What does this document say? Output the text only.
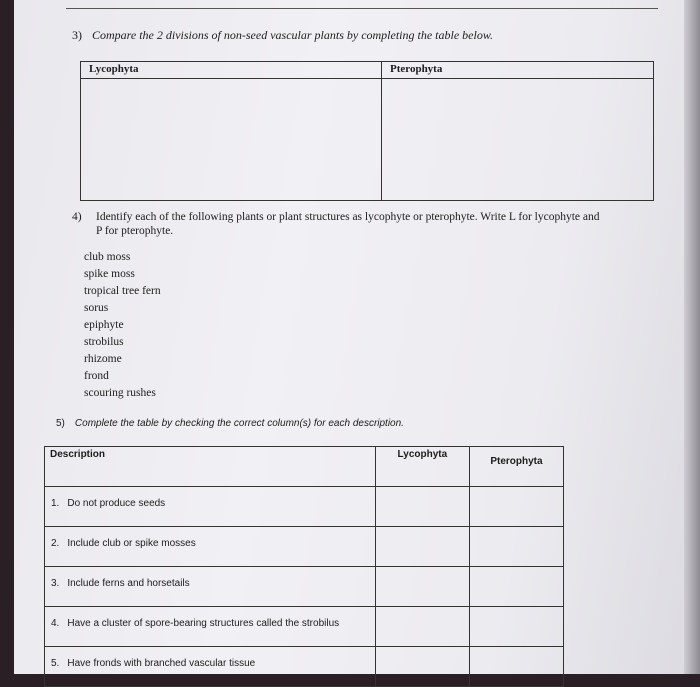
3) Compare the 2 divisions of non-seed vascular plants by completing the table below.
Lycophyta	Pterophyta

4) Identify each of the following plants or plant structures as lycophyte or pterophyte. Write L for lycophyte and
P for pterophyte.
club moss
spike moss
tropical tree fern
sorus
epiphyte
strobilus
rhizome
frond
scouring rushes
5) Complete the table by checking the correct column(s) for each description.
Description	Lycophyta	Pterophyta
1. Do not produce seeds		
2. Include club or spike mosses		
3. Include ferns and horsetails		
4. Have a cluster of spore-bearing structures called the strobilus		
5. Have fronds with branched vascular tissue		
